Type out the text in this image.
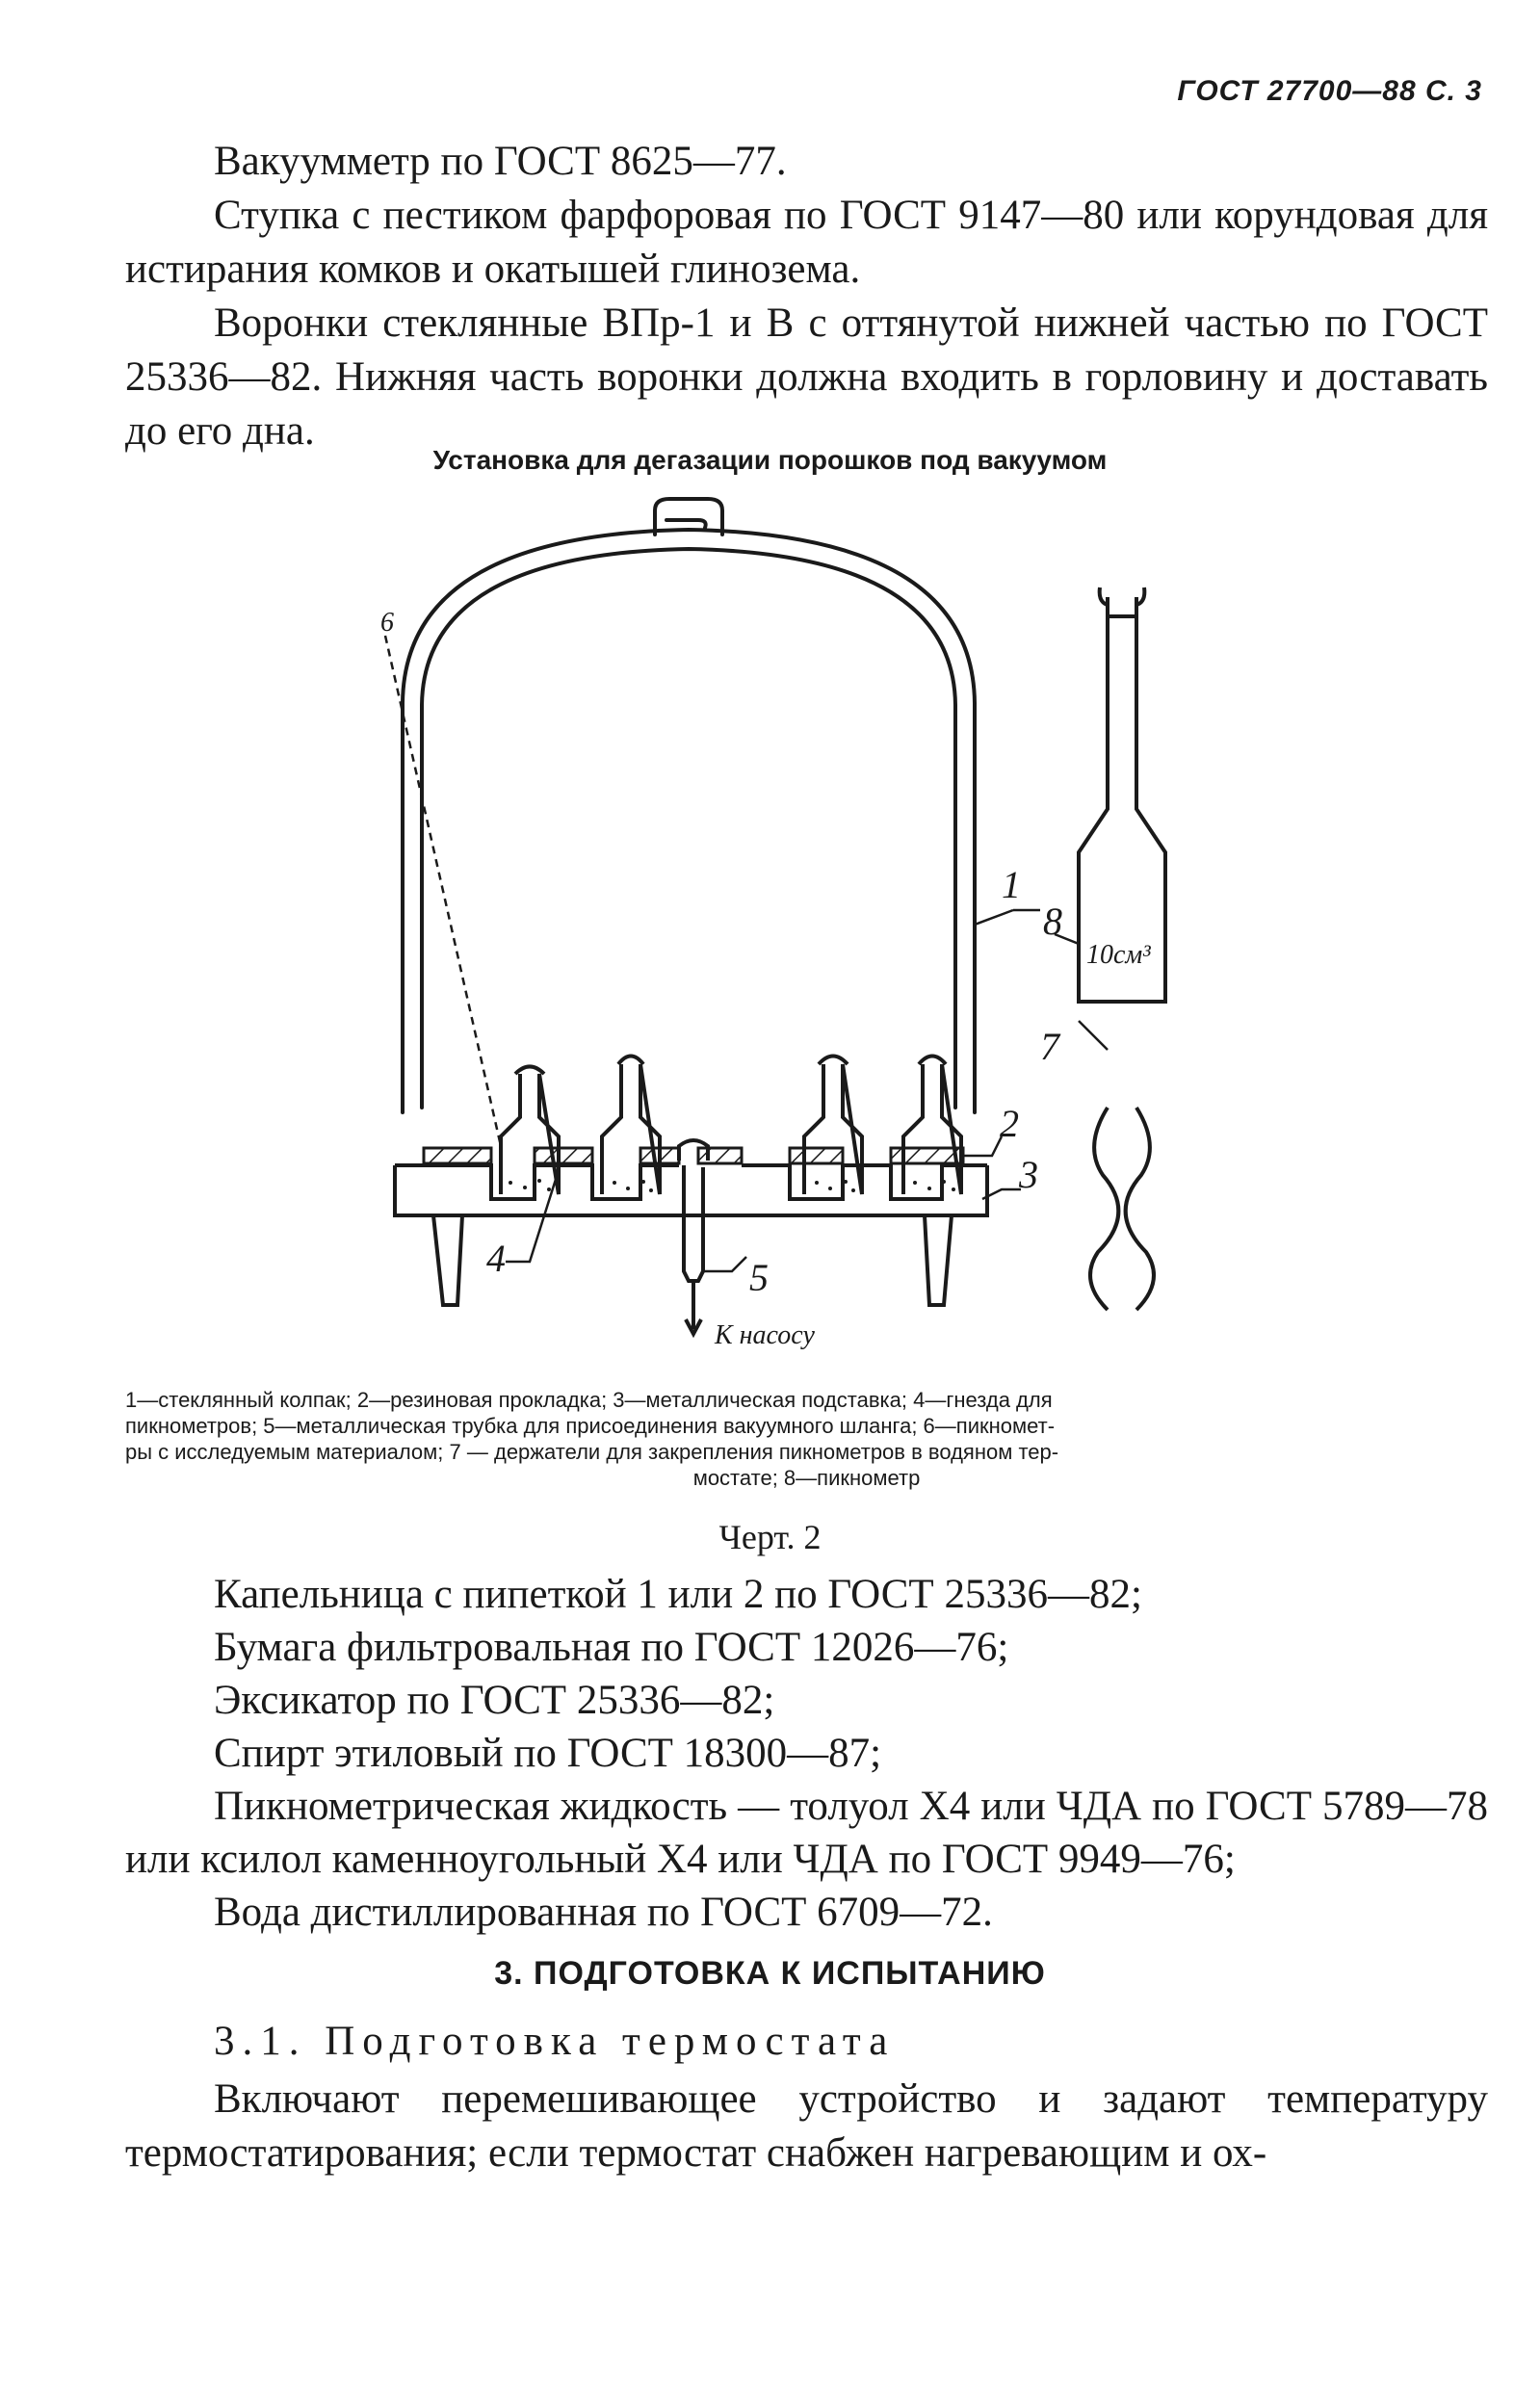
ГОСТ 27700—88 С. 3

Вакуумметр по ГОСТ 8625—77.

Ступка с пестиком фарфоровая по ГОСТ 9147—80 или корундовая для истирания комков и окатышей глинозема.

Воронки стеклянные ВПр-1 и В с оттянутой нижней частью по ГОСТ 25336—82. Нижняя часть воронки должна входить в горловину и доставать до его дна.

Установка для дегазации порошков под вакуумом
1
2
3
4	5
6
7
8
10см³
К насосу
1—стеклянный колпак; 2—резиновая прокладка; 3—металлическая подставка; 4—гнезда для
пикнометров; 5—металлическая трубка для присоединения вакуумного шланга; 6—пикномет-
ры с исследуемым материалом; 7 — держатели для закрепления пикнометров в водяном тер-
мостате; 8—пикнометр
Черт. 2

Капельница с пипеткой 1 или 2 по ГОСТ 25336—82;

Бумага фильтровальная по ГОСТ 12026—76;

Эксикатор по ГОСТ 25336—82;

Спирт этиловый по ГОСТ 18300—87;

Пикнометрическая жидкость — толуол Х4 или ЧДА по ГОСТ 5789—78 или ксилол каменноугольный Х4 или ЧДА по ГОСТ 9949—76;

Вода дистиллированная по ГОСТ 6709—72.

3. ПОДГОТОВКА К ИСПЫТАНИЮ
3.1. Подготовка термостата

Включают перемешивающее устройство и задают температуру термостатирования; если термостат снабжен нагревающим и ох-
